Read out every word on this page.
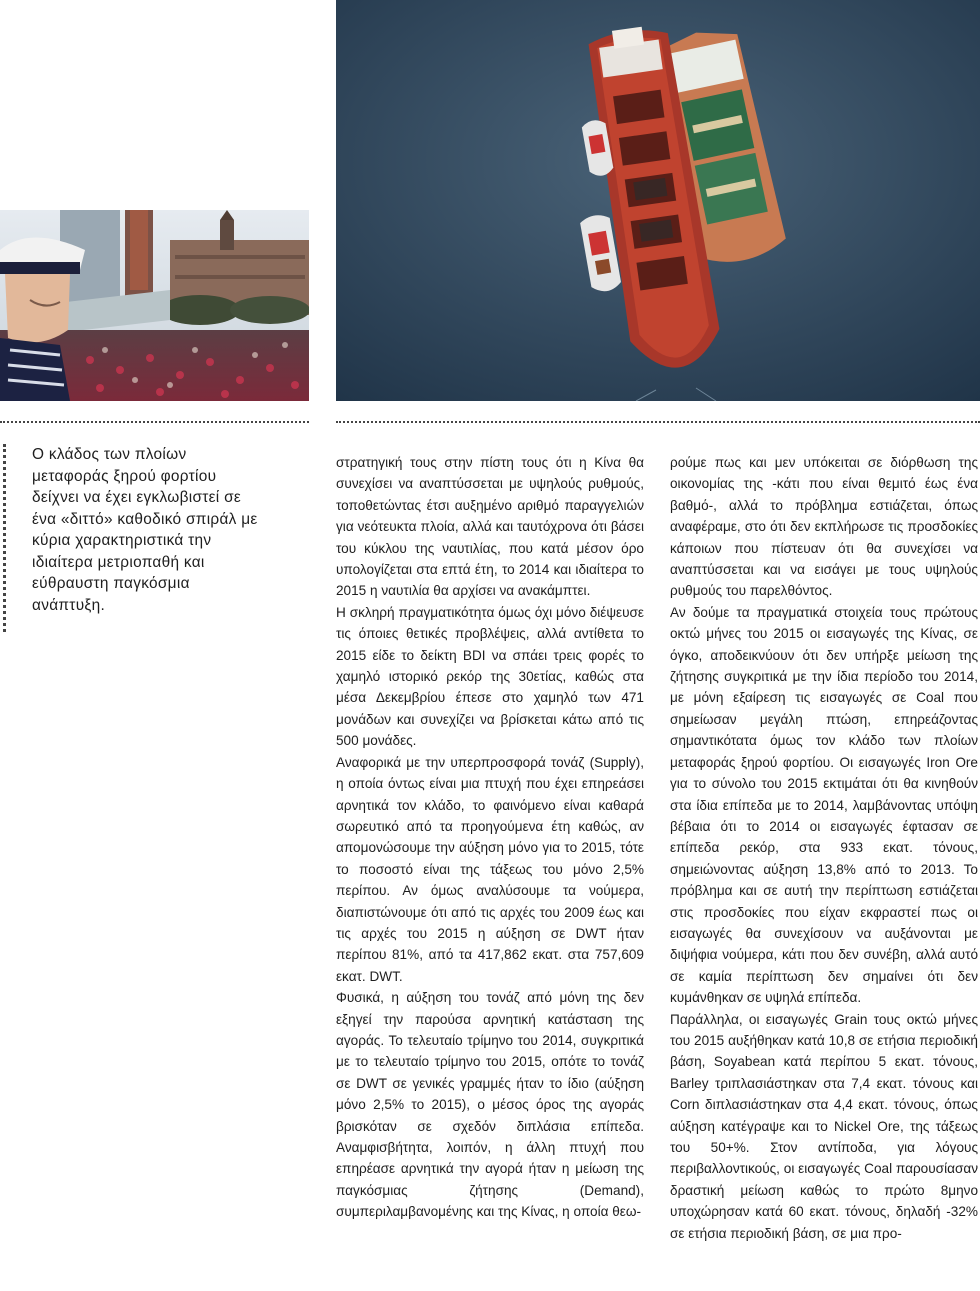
Ο κλάδος των πλοίων μεταφοράς ξηρού φορτίου δείχνει να έχει εγκλωβιστεί σε ένα «διττό» καθοδικό σπιράλ με κύρια χαρακτηριστικά την ιδιαίτερα μετριοπαθή και εύθραυστη παγκόσμια ανάπτυξη.

στρατηγική τους στην πίστη τους ότι η Κίνα θα συνεχίσει να αναπτύσσεται με υψηλούς ρυθμούς, τοποθετώντας έτσι αυξημένο αριθμό παραγγελιών για νεότευκτα πλοία, αλλά και ταυτόχρονα ότι βάσει του κύκλου της ναυτιλίας, που κατά μέσον όρο υπολογίζεται στα επτά έτη, το 2014 και ιδιαίτερα το 2015 η ναυτιλία θα αρχίσει να ανακάμπτει.

Η σκληρή πραγματικότητα όμως όχι μόνο διέψευσε τις όποιες θετικές προβλέψεις, αλλά αντίθετα το 2015 είδε το δείκτη BDI να σπάει τρεις φορές το χαμηλό ιστορικό ρεκόρ της 30ετίας, καθώς στα μέσα Δεκεμβρίου έπεσε στο χαμηλό των 471 μονάδων και συνεχίζει να βρίσκεται κάτω από τις 500 μονάδες.

Αναφορικά με την υπερπροσφορά τονάζ (Supply), η οποία όντως είναι μια πτυχή που έχει επηρεάσει αρνητικά τον κλάδο, το φαινόμενο είναι καθαρά σωρευτικό από τα προηγούμενα έτη καθώς, αν απομονώσουμε την αύξηση μόνο για το 2015, τότε το ποσοστό είναι της τάξεως του μόνο 2,5% περίπου. Αν όμως αναλύσουμε τα νούμερα, διαπιστώνουμε ότι από τις αρχές του 2009 έως και τις αρχές του 2015 η αύξηση σε DWT ήταν περίπου 81%, από τα 417,862 εκατ. στα 757,609 εκατ. DWT.

Φυσικά, η αύξηση του τονάζ από μόνη της δεν εξηγεί την παρούσα αρνητική κατάσταση της αγοράς. Το τελευταίο τρίμηνο του 2014, συγκριτικά με το τελευταίο τρίμηνο του 2015, οπότε το τονάζ σε DWT σε γενικές γραμμές ήταν το ίδιο (αύξηση μόνο 2,5% το 2015), ο μέσος όρος της αγοράς βρισκόταν σε σχεδόν διπλάσια επίπεδα. Αναμφισβήτητα, λοιπόν, η άλλη πτυχή που επηρέασε αρνητικά την αγορά ήταν η μείωση της παγκόσμιας ζήτησης (Demand), συμπεριλαμβανομένης και της Κίνας, η οποία θεω-

ρούμε πως και μεν υπόκειται σε διόρθωση της οικονομίας της -κάτι που είναι θεμιτό έως ένα βαθμό-, αλλά το πρόβλημα εστιάζεται, όπως αναφέραμε, στο ότι δεν εκπλήρωσε τις προσδοκίες κάποιων που πίστευαν ότι θα συνεχίσει να αναπτύσσεται και να εισάγει με τους υψηλούς ρυθμούς του παρελθόντος.

Αν δούμε τα πραγματικά στοιχεία τους πρώτους οκτώ μήνες του 2015 οι εισαγωγές της Κίνας, σε όγκο, αποδεικνύουν ότι δεν υπήρξε μείωση της ζήτησης συγκριτικά με την ίδια περίοδο του 2014, με μόνη εξαίρεση τις εισαγωγές σε Coal που σημείωσαν μεγάλη πτώση, επηρεάζοντας σημαντικότατα όμως τον κλάδο των πλοίων μεταφοράς ξηρού φορτίου. Οι εισαγωγές Iron Ore για το σύνολο του 2015 εκτιμάται ότι θα κινηθούν στα ίδια επίπεδα με το 2014, λαμβάνοντας υπόψη βέβαια ότι το 2014 οι εισαγωγές έφτασαν σε επίπεδα ρεκόρ, στα 933 εκατ. τόνους, σημειώνοντας αύξηση 13,8% από το 2013. Το πρόβλημα και σε αυτή την περίπτωση εστιάζεται στις προσδοκίες που είχαν εκφραστεί πως οι εισαγωγές θα συνεχίσουν να αυξάνονται με διψήφια νούμερα, κάτι που δεν συνέβη, αλλά αυτό σε καμία περίπτωση δεν σημαίνει ότι δεν κυμάνθηκαν σε υψηλά επίπεδα.

Παράλληλα, οι εισαγωγές Grain τους οκτώ μήνες του 2015 αυξήθηκαν κατά 10,8 σε ετήσια περιοδική βάση, Soyabean κατά περίπου 5 εκατ. τόνους, Barley τριπλασιάστηκαν στα 7,4 εκατ. τόνους και Corn διπλασιάστηκαν στα 4,4 εκατ. τόνους, όπως αύξηση κατέγραψε και το Nickel Ore, της τάξεως του 50+%. Στον αντίποδα, για λόγους περιβαλλοντικούς, οι εισαγωγές Coal παρουσίασαν δραστική μείωση καθώς το πρώτο 8μηνο υποχώρησαν κατά 60 εκατ. τόνους, δηλαδή -32% σε ετήσια περιοδική βάση, σε μια προ-
